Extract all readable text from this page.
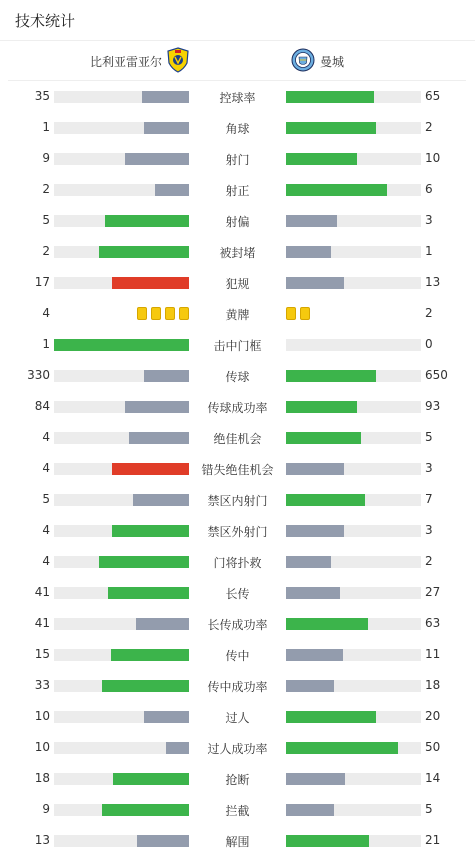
技术统计
比利亚雷亚尔	曼城
35	控球率	65
1	角球	2
9	射门	10
2	射正	6
5	射偏	3
2	被封堵	1
17	犯规	13
4	黄牌	2
1	击中门框	0
330	传球	650
84	传球成功率	93
4	绝佳机会	5
4	错失绝佳机会	3
5	禁区内射门	7
4	禁区外射门	3
4	门将扑救	2
41	长传	27
41	长传成功率	63
15	传中	11
33	传中成功率	18
10	过人	20
10	过人成功率	50
18	抢断	14
9	拦截	5
13	解围	21
